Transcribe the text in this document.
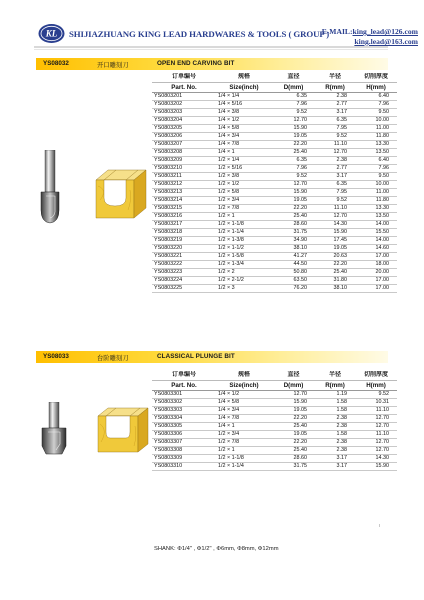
KL SHIJIAZHUANG KING LEAD HARDWARES & TOOLS ( GROUP )
E-MAIL:king_lead@126.com
king.lead@163.com
YS08032	开口雕刻刀	OPEN END CARVING BIT
订单编号	规格	直径	半径	切削厚度
Part. No.	Size(inch)	D(mm)	R(mm)	H(mm)
YS0803201	1/4 × 1/4	6.35	2.38	6.40
YS0803202	1/4 × 5/16	7.96	2.77	7.96
YS0803203	1/4 × 3/8	9.52	3.17	9.50
YS0803204	1/4 × 1/2	12.70	6.35	10.00
YS0803205	1/4 × 5/8	15.90	7.95	11.00
YS0803206	1/4 × 3/4	19.05	9.52	11.80
YS0803207	1/4 × 7/8	22.20	11.10	13.30
YS0803208	1/4 × 1	25.40	12.70	13.50
YS0803209	1/2 × 1/4	6.35	2.38	6.40
YS0803210	1/2 × 5/16	7.96	2.77	7.96
YS0803211	1/2 × 3/8	9.52	3.17	9.50
YS0803212	1/2 × 1/2	12.70	6.35	10.00
YS0803213	1/2 × 5/8	15.90	7.95	11.00
YS0803214	1/2 × 3/4	19.05	9.52	11.80
YS0803215	1/2 × 7/8	22.20	11.10	13.30
YS0803216	1/2 × 1	25.40	12.70	13.50
YS0803217	1/2 × 1-1/8	28.60	14.30	14.00
YS0803218	1/2 × 1-1/4	31.75	15.90	15.50
YS0803219	1/2 × 1-3/8	34.90	17.45	14.00
YS0803220	1/2 × 1-1/2	38.10	19.05	14.60
YS0803221	1/2 × 1-5/8	41.27	20.63	17.00
YS0803222	1/2 × 1-3/4	44.50	22.20	18.00
YS0803223	1/2 × 2	50.80	25.40	20.00
YS0803224	1/2 × 2-1/2	63.50	31.80	17.00
YS0803225	1/2 × 3	76.20	38.10	17.00
YS08033	台阶雕刻刀	CLASSICAL PLUNGE BIT
订单编号	规格	直径	半径	切削厚度
Part. No.	Size(inch)	D(mm)	R(mm)	H(mm)
YS0803301	1/4 × 1/2	12.70	1.19	9.52
YS0803302	1/4 × 5/8	15.90	1.58	10.31
YS0803303	1/4 × 3/4	19.05	1.58	11.10
YS0803304	1/4 × 7/8	22.20	2.38	12.70
YS0803305	1/4 × 1	25.40	2.38	12.70
YS0803306	1/2 × 3/4	19.05	1.58	11.10
YS0803307	1/2 × 7/8	22.20	2.38	12.70
YS0803308	1/2 × 1	25.40	2.38	12.70
YS0803309	1/2 × 1-1/8	28.60	3.17	14.30
YS0803310	1/2 × 1-1/4	31.75	3.17	15.90
ı
SHANK: Φ1/4" , Φ1/2" , Φ6mm, Φ8mm, Φ12mm
